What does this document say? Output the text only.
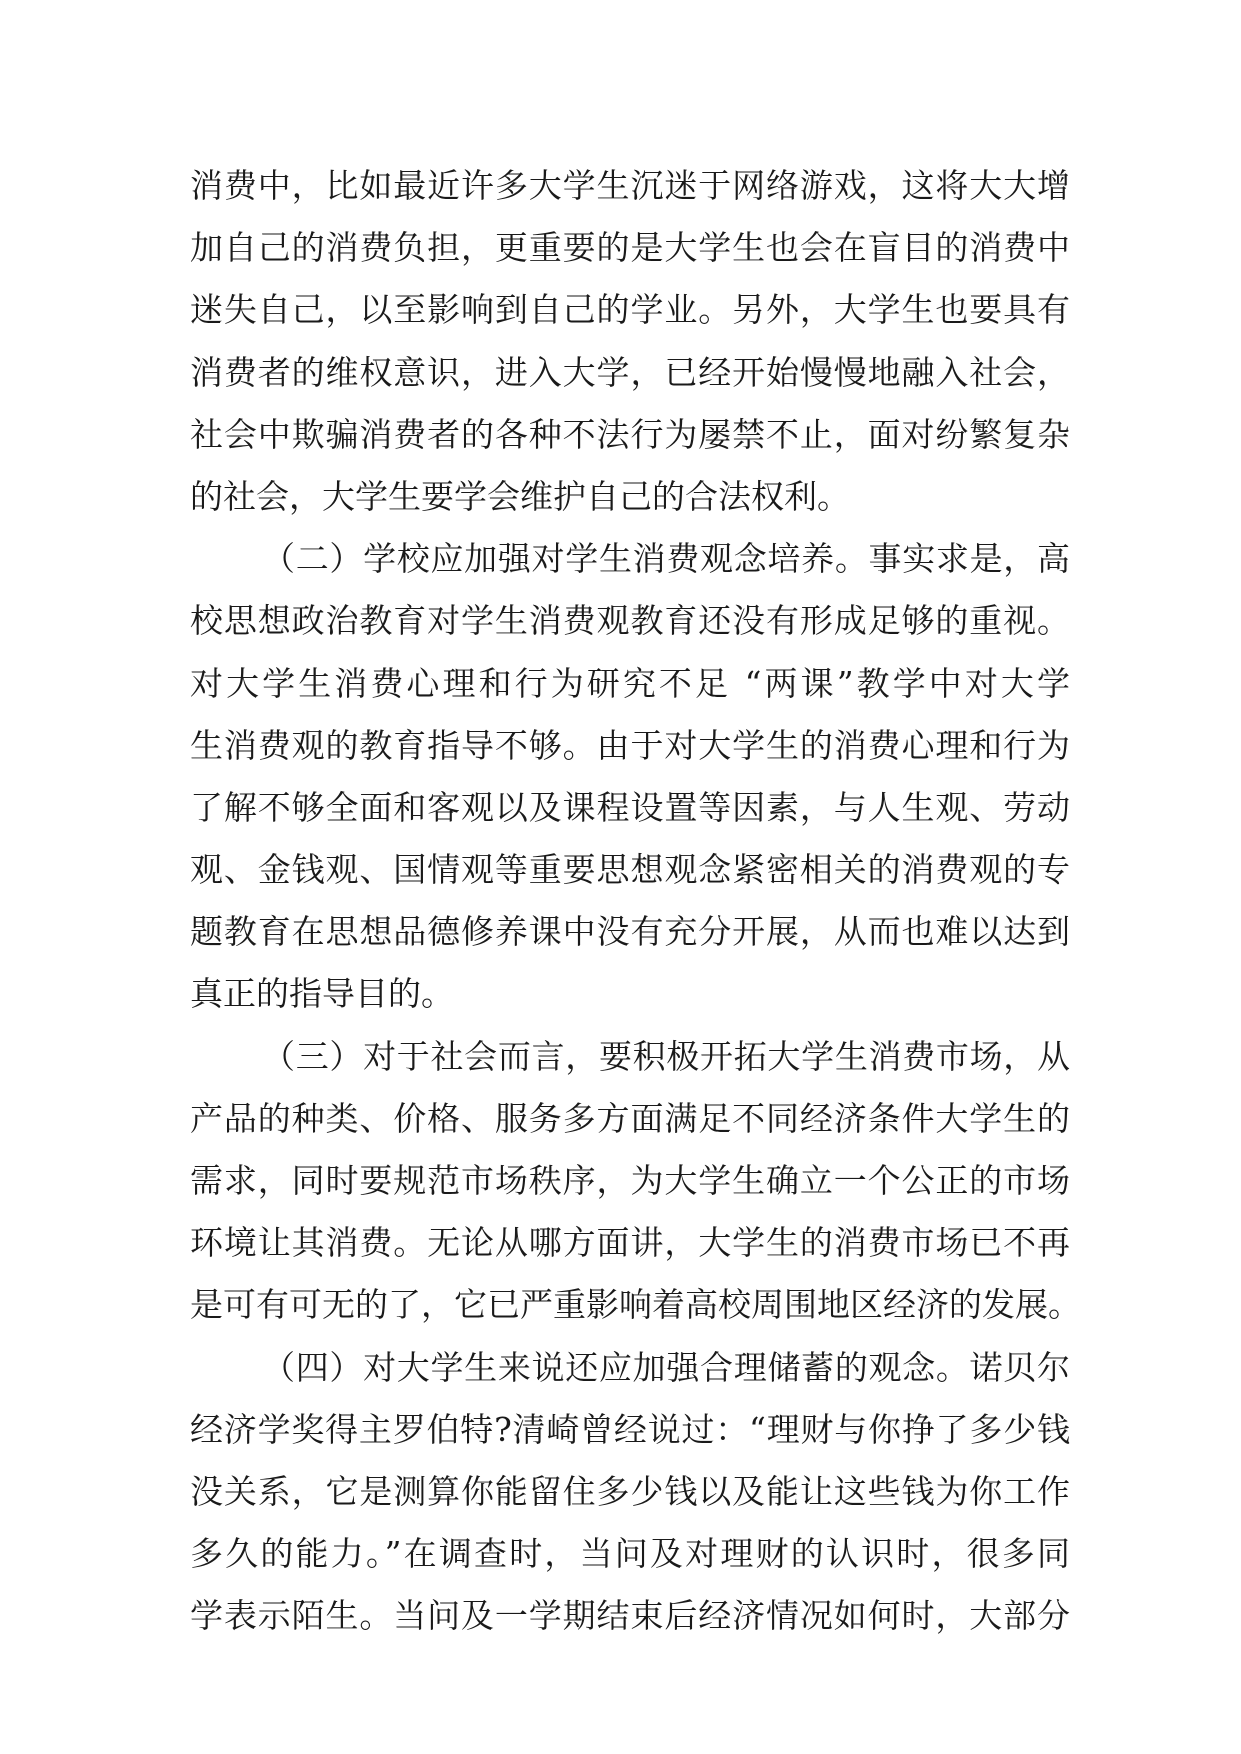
消费中，比如最近许多大学生沉迷于网络游戏，这将大大增
加自己的消费负担，更重要的是大学生也会在盲目的消费中
迷失自己，以至影响到自己的学业。另外，大学生也要具有
消费者的维权意识，进入大学，已经开始慢慢地融入社会，
社会中欺骗消费者的各种不法行为屡禁不止，面对纷繁复杂
的社会，大学生要学会维护自己的合法权利。
（二）学校应加强对学生消费观念培养。事实求是，高
校思想政治教育对学生消费观教育还没有形成足够的重视。
对大学生消费心理和行为研究不足 “两课”教学中对大学
生消费观的教育指导不够。由于对大学生的消费心理和行为
了解不够全面和客观以及课程设置等因素，与人生观、劳动
观、金钱观、国情观等重要思想观念紧密相关的消费观的专
题教育在思想品德修养课中没有充分开展，从而也难以达到
真正的指导目的。
（三）对于社会而言，要积极开拓大学生消费市场，从
产品的种类、价格、服务多方面满足不同经济条件大学生的
需求，同时要规范市场秩序，为大学生确立一个公正的市场
环境让其消费。无论从哪方面讲，大学生的消费市场已不再
是可有可无的了，它已严重影响着高校周围地区经济的发展。
（四）对大学生来说还应加强合理储蓄的观念。诺贝尔
经济学奖得主罗伯特?清崎曾经说过：“理财与你挣了多少钱
没关系，它是测算你能留住多少钱以及能让这些钱为你工作
多久的能力。”在调查时，当问及对理财的认识时，很多同
学表示陌生。当问及一学期结束后经济情况如何时，大部分
